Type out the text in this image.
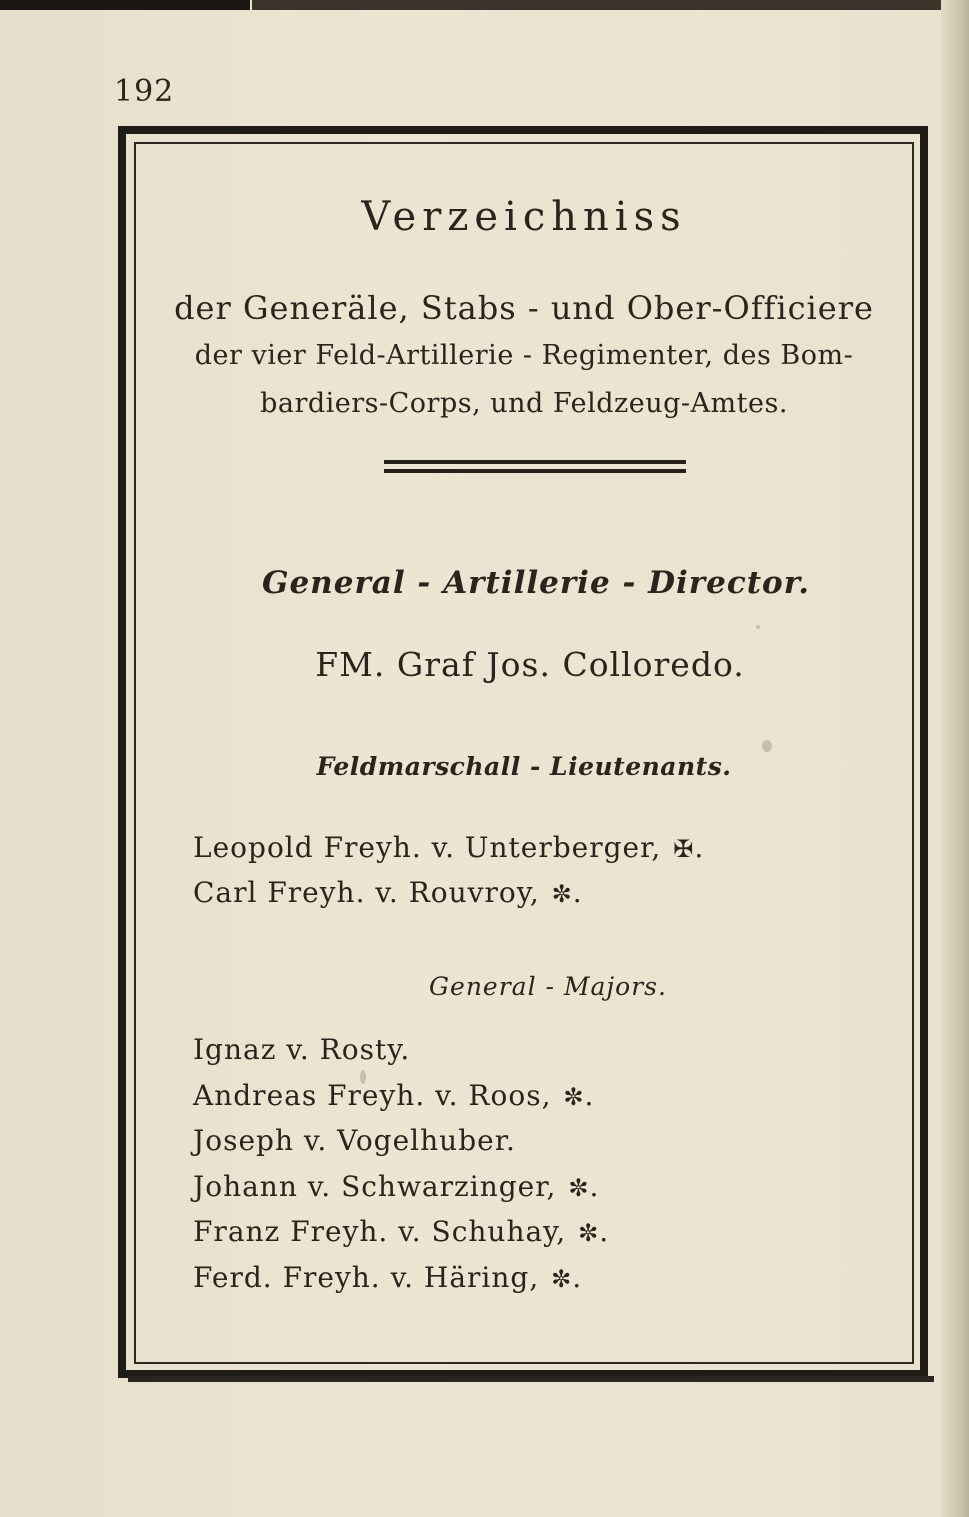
192
Verzeichniss
der Generäle, Stabs - und Ober-Officiere
der vier Feld-Artillerie - Regimenter, des Bom-
bardiers-Corps, und Feldzeug-Amtes.
General - Artillerie - Director.
FM. Graf Jos. Colloredo.
Feldmarschall - Lieutenants.
Leopold Freyh. v. Unterberger, ✠.
Carl Freyh. v. Rouvroy, ✼.
General - Majors.
Ignaz v. Rosty.
Andreas Freyh. v. Roos, ✼.
Joseph v. Vogelhuber.
Johann v. Schwarzinger, ✼.
Franz Freyh. v. Schuhay, ✼.
Ferd. Freyh. v. Häring, ✼.
